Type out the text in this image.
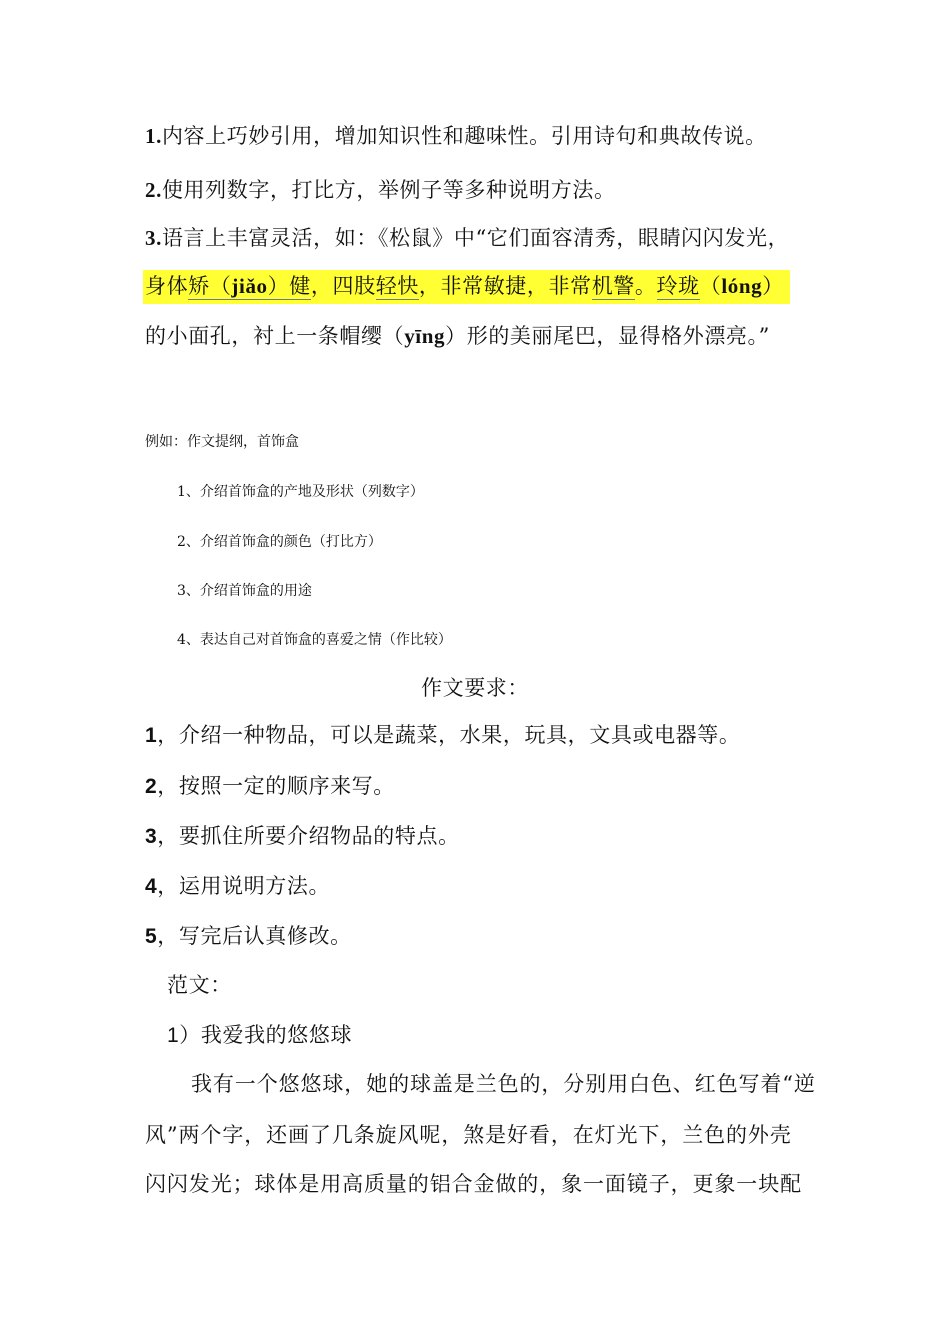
1.内容上巧妙引用，增加知识性和趣味性。引用诗句和典故传说。
2.使用列数字，打比方，举例子等多种说明方法。
3.语言上丰富灵活，如：《松鼠》中“它们面容清秀，眼睛闪闪发光，
身体矫（jiǎo）健，四肢轻快，非常敏捷，非常机警。玲珑（lóng）
的小面孔，衬上一条帽缨（yīng）形的美丽尾巴，显得格外漂亮。”
例如：作文提纲，首饰盒
1、介绍首饰盒的产地及形状（列数字）
2、介绍首饰盒的颜色（打比方）
3、介绍首饰盒的用途
4、表达自己对首饰盒的喜爱之情（作比较）
作文要求：
1，介绍一种物品，可以是蔬菜，水果，玩具，文具或电器等。
2，按照一定的顺序来写。
3，要抓住所要介绍物品的特点。
4，运用说明方法。
5，写完后认真修改。
范文：
1）我爱我的悠悠球
我有一个悠悠球，她的球盖是兰色的，分别用白色、红色写着“逆
风”两个字，还画了几条旋风呢，煞是好看，在灯光下，兰色的外壳
闪闪发光；球体是用高质量的铝合金做的，象一面镜子，更象一块配
